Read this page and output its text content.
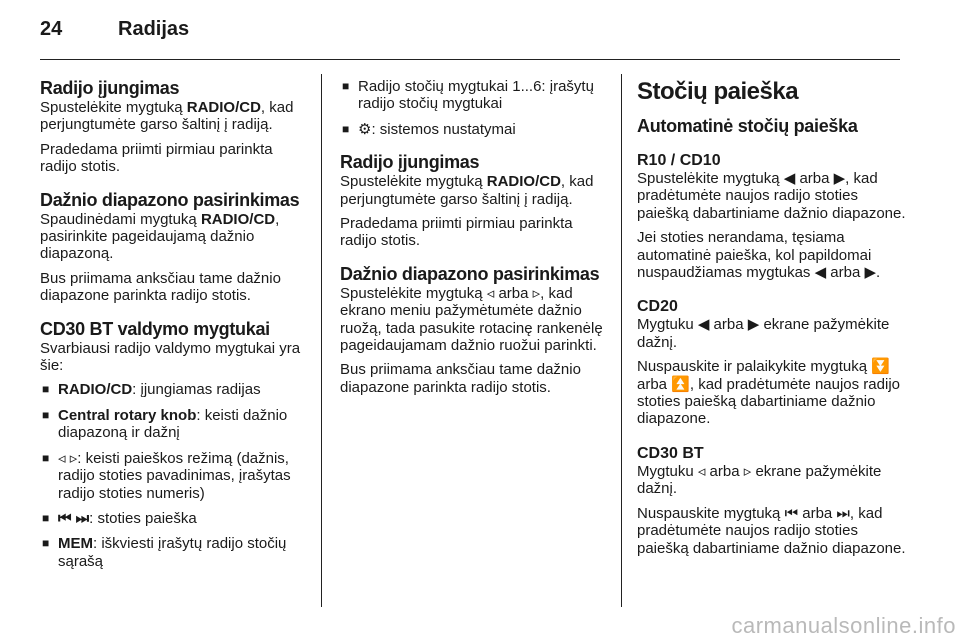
24	Radijas
Radijo įjungimas

Spustelėkite mygtuką RADIO/CD, kad perjungtumėte garso šaltinį į radiją.

Pradedama priimti pirmiau parinkta radijo stotis.

Dažnio diapazono pasirinkimas

Spaudinėdami mygtuką RADIO/CD, pasirinkite pageidaujamą dažnio diapazoną.

Bus priimama anksčiau tame dažnio diapazone parinkta radijo stotis.

CD30 BT valdymo mygtukai

Svarbiausi radijo valdymo mygtukai yra šie:

■ RADIO/CD: įjungiamas radijas
■ Central rotary knob: keisti dažnio diapazoną ir dažnį
■ ◃ ▹: keisti paieškos režimą (dažnis, radijo stoties pavadinimas, įrašytas radijo stoties numeris)
■ ⏮ ⏭: stoties paieška
■ MEM: iškviesti įrašytų radijo stočių sąrašą
■ Radijo stočių mygtukai 1...6: įrašytų radijo stočių mygtukai
■ ⚙: sistemos nustatymai
Radijo įjungimas

Spustelėkite mygtuką RADIO/CD, kad perjungtumėte garso šaltinį į radiją.

Pradedama priimti pirmiau parinkta radijo stotis.

Dažnio diapazono pasirinkimas

Spustelėkite mygtuką ◃ arba ▹, kad ekrano meniu pažymėtumėte dažnio ruožą, tada pasukite rotacinę rankenėlę pageidaujamam dažnio ruožui parinkti.

Bus priimama anksčiau tame dažnio diapazone parinkta radijo stotis.

Stočių paieška
Automatinė stočių paieška
R10 / CD10

Spustelėkite mygtuką ◀ arba ▶, kad pradėtumėte naujos radijo stoties paiešką dabartiniame dažnio diapazone.

Jei stoties nerandama, tęsiama automatinė paieška, kol papildomai nuspaudžiamas mygtukas ◀ arba ▶.

CD20

Mygtuku ◀ arba ▶ ekrane pažymėkite dažnį.

Nuspauskite ir palaikykite mygtuką ⏬ arba ⏫, kad pradėtumėte naujos radijo stoties paiešką dabartiniame dažnio diapazone.

CD30 BT

Mygtuku ◃ arba ▹ ekrane pažymėkite dažnį.

Nuspauskite mygtuką ⏮ arba ⏭, kad pradėtumėte naujos radijo stoties paiešką dabartiniame dažnio diapazone.

carmanualsonline.info
